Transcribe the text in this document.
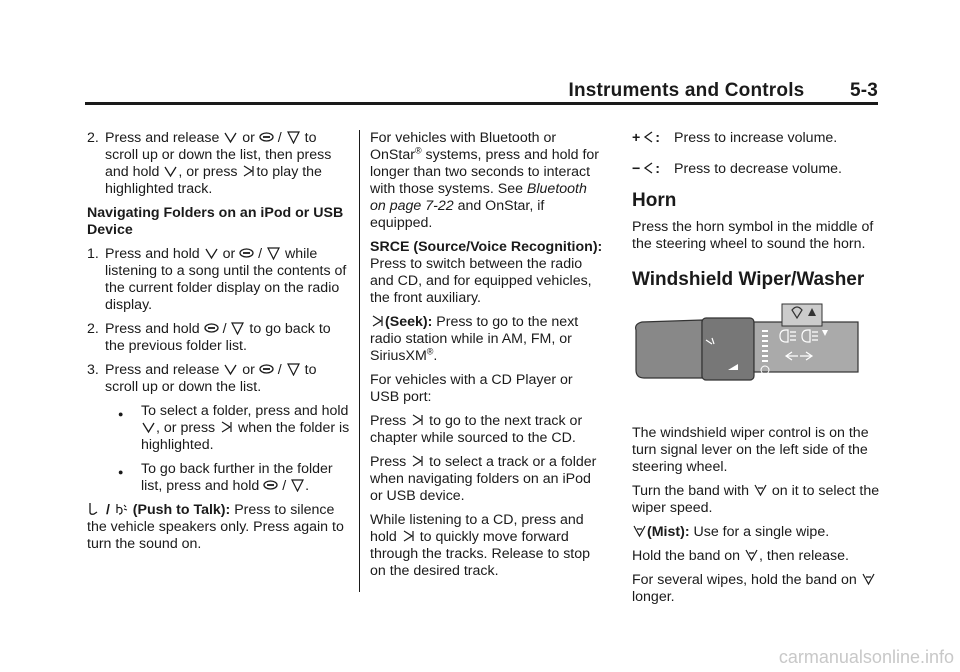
Instruments and Controls 5-3
2. Press and release or / to scroll up or down the list, then press and hold , or press to play the highlighted track.

Navigating Folders on an iPod or USB Device

1. Press and hold or / while listening to a song until the contents of the current folder display on the radio display.
2. Press and hold / to go back to the previous folder list.
3. Press and release or / to scroll up or down the list.
●	To select a folder, press and hold
, or press when the folder is highlighted.
●	To go back further in the folder list, press and hold / .

/
(Push to Talk): Press to silence the vehicle speakers only. Press again to turn the sound on.

For vehicles with Bluetooth or OnStar® systems, press and hold for longer than two seconds to interact with those systems. See Bluetooth on page 7-22 and OnStar, if equipped.

SRCE (Source/Voice Recognition): Press to switch between the radio and CD, and for equipped vehicles, the front auxiliary.

(Seek): Press to go to the next radio station while in AM, FM, or SiriusXM®.

For vehicles with a CD Player or USB port:

Press to go to the next track or chapter while sourced to the CD.

Press to select a track or a folder when navigating folders on an iPod or USB device.

While listening to a CD, press and hold to quickly move forward through the tracks. Release to stop on the desired track.

+ : Press to increase volume.
− : Press to decrease volume.
Horn

Press the horn symbol in the middle of the steering wheel to sound the horn.

Windshield Wiper/Washer

The windshield wiper control is on the turn signal lever on the left side of the steering wheel.

Turn the band with on it to select the wiper speed.

(Mist): Use for a single wipe.

Hold the band on , then release.

For several wipes, hold the band on
longer.

carmanualsonline.info
